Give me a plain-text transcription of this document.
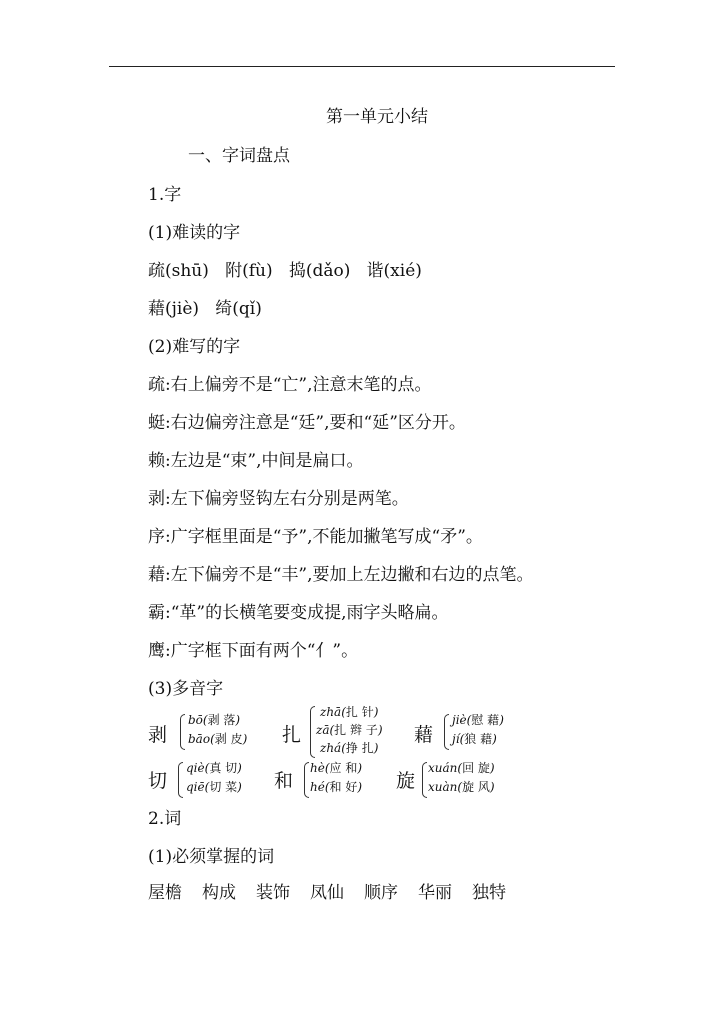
第一单元小结
一、字词盘点
1.字
(1)难读的字
疏(shū)   附(fù)   捣(dǎo)   谐(xié)
藉(jiè)   绮(qǐ)
(2)难写的字
疏:右上偏旁不是“亡”,注意末笔的点。
蜓:右边偏旁注意是“廷”,要和“延”区分开。
赖:左边是“束”,中间是扁口。
剥:左下偏旁竖钩左右分别是两笔。
序:广字框里面是“予”,不能加撇笔写成“矛”。
藉:左下偏旁不是“丰”,要加上左边撇和右边的点笔。
霸:“革”的长横笔要变成提,雨字头略扁。
鹰:广字框下面有两个“亻”。
(3)多音字
剥
bō(剥 落)
bāo(剥 皮) 扎
zhā(扎 针)
zā(扎 辫 子)
zhá(挣 扎)
藉
jiè(慰 藉)
jí(狼 藉)
切
qiè(真 切)
qiē(切 菜) 和
hè(应 和)
hé(和 好) 旋
xuán(回 旋)
xuàn(旋 风)
2.词
(1)必须掌握的词
屋檐 构成 装饰 凤仙 顺序 华丽 独特
